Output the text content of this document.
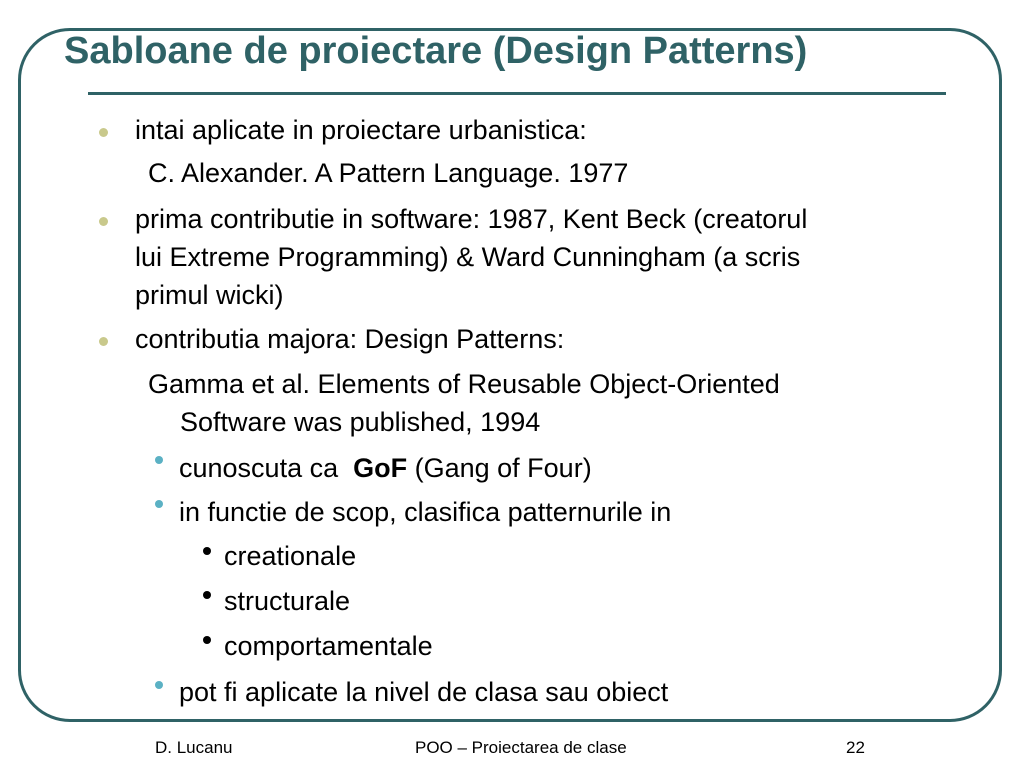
Sabloane de proiectare (Design Patterns)
intai aplicate in proiectare urbanistica:
C. Alexander. A Pattern Language. 1977
prima contributie in software: 1987, Kent Beck (creatorul
lui Extreme Programming) & Ward Cunningham (a scris
primul wicki)
contributia majora: Design Patterns:
Gamma et al. Elements of Reusable Object-Oriented
Software was published, 1994
cunoscuta ca  GoF (Gang of Four)
in functie de scop, clasifica patternurile in
creationale
structurale
comportamentale
pot fi aplicate la nivel de clasa sau obiect
D. Lucanu	POO – Proiectarea de clase	22
